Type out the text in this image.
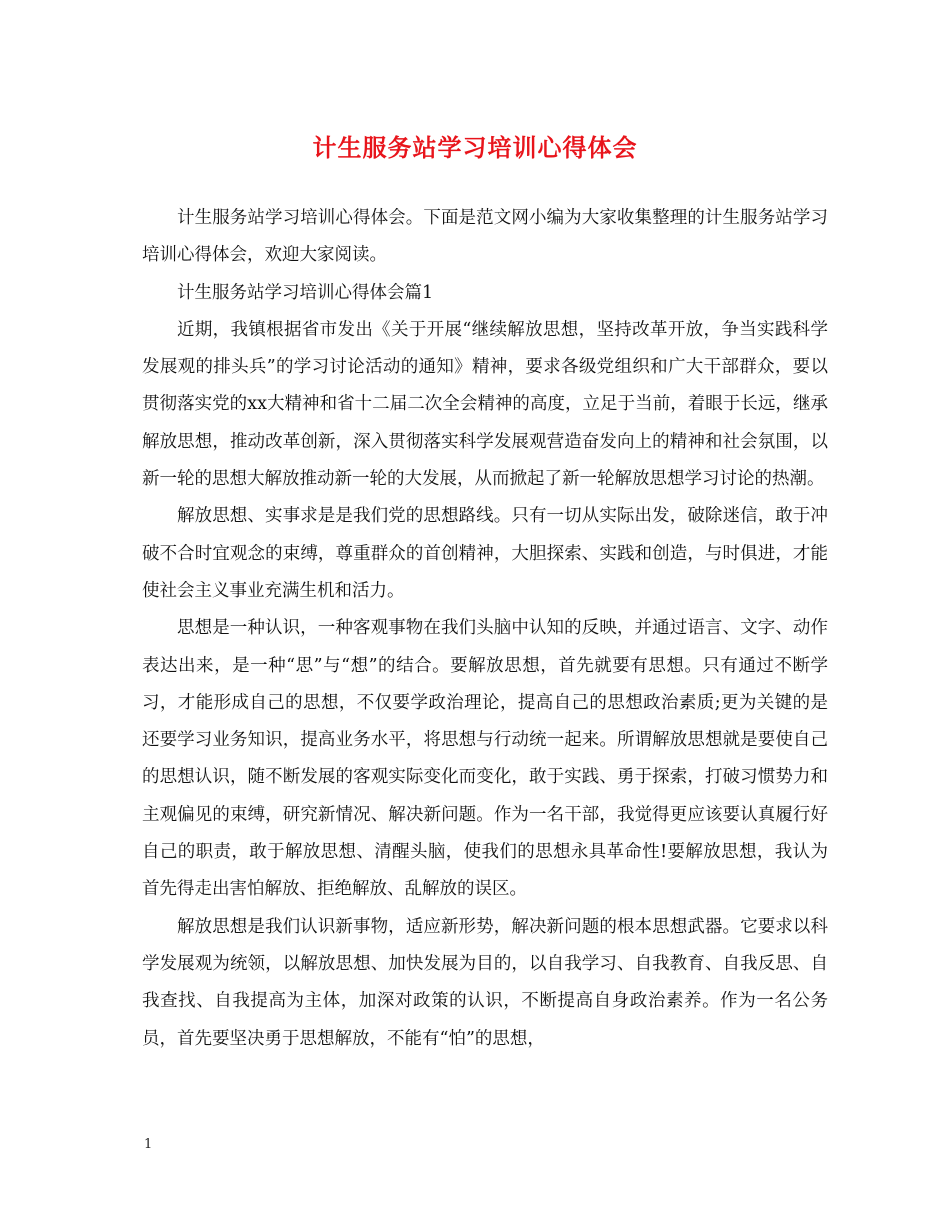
计生服务站学习培训心得体会

计生服务站学习培训心得体会。下面是范文网小编为大家收集整理的计生服务站学习培训心得体会，欢迎大家阅读。

计生服务站学习培训心得体会篇1

近期，我镇根据省市发出《关于开展“继续解放思想，坚持改革开放，争当实践科学发展观的排头兵”的学习讨论活动的通知》精神，要求各级党组织和广大干部群众，要以贯彻落实党的xx大精神和省十二届二次全会精神的高度，立足于当前，着眼于长远，继承解放思想，推动改革创新，深入贯彻落实科学发展观营造奋发向上的精神和社会氛围，以新一轮的思想大解放推动新一轮的大发展，从而掀起了新一轮解放思想学习讨论的热潮。

解放思想、实事求是是我们党的思想路线。只有一切从实际出发，破除迷信，敢于冲破不合时宜观念的束缚，尊重群众的首创精神，大胆探索、实践和创造，与时俱进，才能使社会主义事业充满生机和活力。

思想是一种认识，一种客观事物在我们头脑中认知的反映，并通过语言、文字、动作表达出来，是一种“思”与“想”的结合。要解放思想，首先就要有思想。只有通过不断学习，才能形成自己的思想，不仅要学政治理论，提高自己的思想政治素质;更为关键的是还要学习业务知识，提高业务水平，将思想与行动统一起来。所谓解放思想就是要使自己的思想认识，随不断发展的客观实际变化而变化，敢于实践、勇于探索，打破习惯势力和主观偏见的束缚，研究新情况、解决新问题。作为一名干部，我觉得更应该要认真履行好自己的职责，敢于解放思想、清醒头脑，使我们的思想永具革命性!要解放思想，我认为首先得走出害怕解放、拒绝解放、乱解放的误区。

解放思想是我们认识新事物，适应新形势，解决新问题的根本思想武器。它要求以科学发展观为统领，以解放思想、加快发展为目的，以自我学习、自我教育、自我反思、自我查找、自我提高为主体，加深对政策的认识，不断提高自身政治素养。作为一名公务员，首先要坚决勇于思想解放，不能有“怕”的思想，

1
